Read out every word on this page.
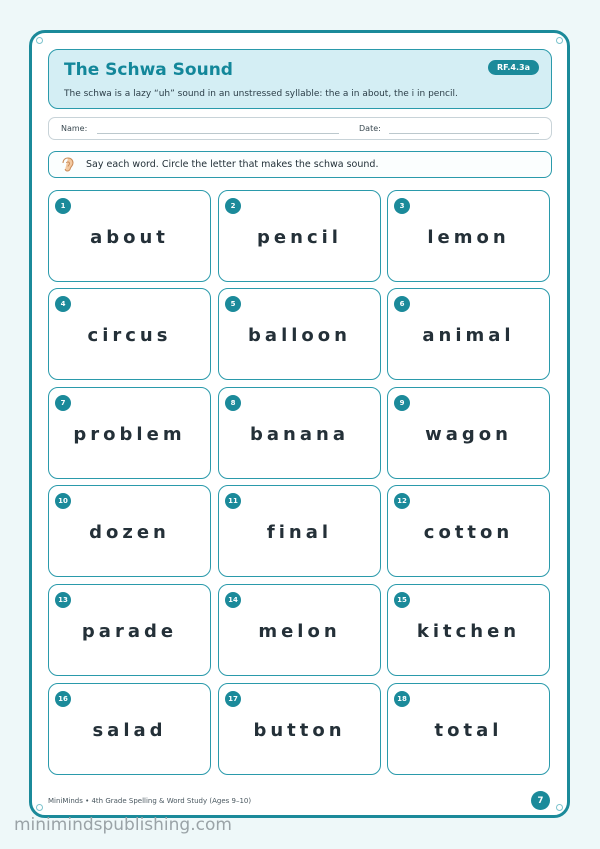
The Schwa Sound
The schwa is a lazy “uh” sound in an unstressed syllable: the a in about, the i in pencil.
RF.4.3a
Name:	Date:
Say each word. Circle the letter that makes the schwa sound.
1
about
2
pencil
3
lemon
4
circus
5
balloon
6
animal
7
problem
8
banana
9
wagon
10
dozen
11
final
12
cotton
13
parade
14
melon
15
kitchen
16
salad
17
button
18
total
MiniMinds • 4th Grade Spelling & Word Study (Ages 9–10)	7
minimindspublishing.com
